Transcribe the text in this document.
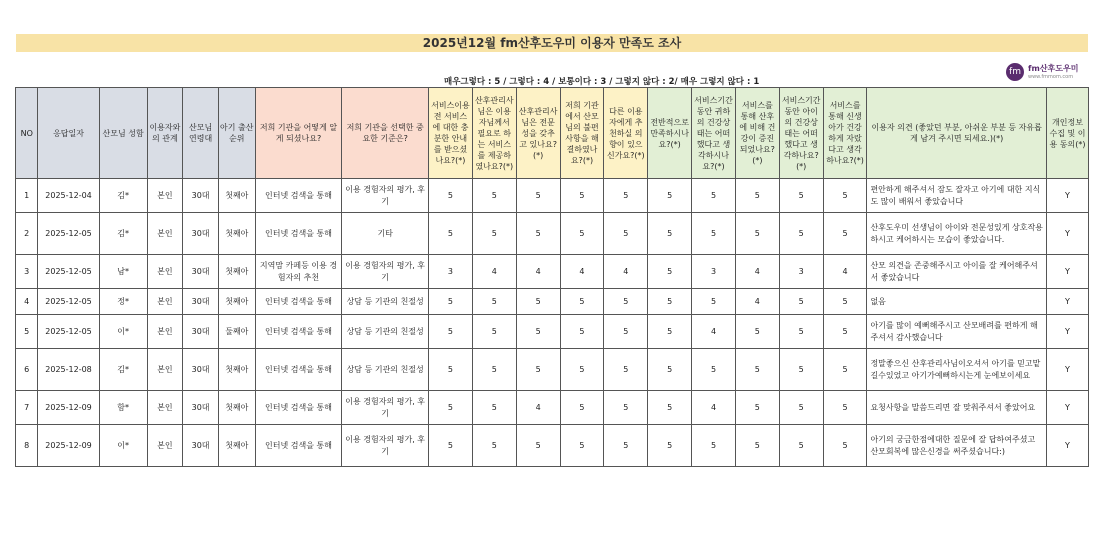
2025년12월 fm산후도우미 이용자 만족도 조사
매우그렇다 : 5 / 그렇다 : 4 / 보통이다 : 3 / 그렇지 않다 : 2/ 매우 그렇지 않다 : 1
fm fm산후도우미
www.fmmom.com
NO	응답일자	산모님 성함	이용자와의 관계	산모님 연령대	아기 출산 순위	저희 기관을 어떻게 알게 되셨나요?	저희 기관을 선택한 중요한 기준은?	서비스이용 전 서비스에 대한 충분한 안내를 받으셨나요?(*)	산후관리사님은 이용자님께서 필요로 하는 서비스를 제공하였나요?(*)	산후관리사님은 전문성을 갖추고 있나요?(*)	저희 기관에서 산모님의 불편사항을 해결하였나요?(*)	다른 이용자에게 추천하실 의향이 있으신가요?(*)	전반적으로 만족하시나요?(*)	서비스기간 동안 귀하의 건강상태는 어떠했다고 생각하시나요?(*)	서비스를 통해 산후에 비해 건강이 증진되었나요?(*)	서비스기간 동안 아이의 건강상태는 어떠했다고 생각하나요?(*)	서비스를 통해 신생아가 건강하게 자랐다고 생각하나요?(*)	이용자 의견 (좋았던 부분, 아쉬운 부분 등 자유롭게 남겨 주시면 되세요.)(*)	개인정보 수집 및 이용 동의(*)
1	2025-12-04	김*	본인	30대	첫째아	인터넷 검색을 통해	이용 경험자의 평가, 후기	5	5	5	5	5	5	5	5	5	5	편안하게 해주셔서 잠도 잘자고 아기에 대한 지식도 많이 배워서 좋았습니다	Y
2	2025-12-05	김*	본인	30대	첫째아	인터넷 검색을 통해	기타	5	5	5	5	5	5	5	5	5	5	산후도우미 선생님이 아이와 전문성있게 상호작용하시고 케어하시는 모습이 좋았습니다.	Y
3	2025-12-05	남*	본인	30대	첫째아	지역맘 카페등 이용 경험자의 추천	이용 경험자의 평가, 후기	3	4	4	4	4	5	3	4	3	4	산모 의견을 존중해주시고 아이를 잘 케어해주셔서 좋았습니다	Y
4	2025-12-05	정*	본인	30대	첫째아	인터넷 검색을 통해	상담 등 기관의 친절성	5	5	5	5	5	5	5	4	5	5	없음	Y
5	2025-12-05	이*	본인	30대	둘째아	인터넷 검색을 통해	상담 등 기관의 친절성	5	5	5	5	5	5	4	5	5	5	아기를 많이 예뻐해주시고 산모배려를 편하게 해주셔서 감사했습니다	Y
6	2025-12-08	김*	본인	30대	첫째아	인터넷 검색을 통해	상담 등 기관의 친절성	5	5	5	5	5	5	5	5	5	5	정말좋으신 산후관리사님이오셔서 아기를 믿고맡길수있었고 아기가예뻐하시는게 눈에보이세요	Y
7	2025-12-09	함*	본인	30대	첫째아	인터넷 검색을 통해	이용 경험자의 평가, 후기	5	5	4	5	5	5	4	5	5	5	요청사항을 말씀드리면 잘 맞춰주셔서 좋았어요	Y
8	2025-12-09	이*	본인	30대	첫째아	인터넷 검색을 통해	이용 경험자의 평가, 후기	5	5	5	5	5	5	5	5	5	5	아기의 궁금한점에대한 질문에 잘 답하여주셨고 산모회복에 많은신경을 써주셨습니다:)	Y
